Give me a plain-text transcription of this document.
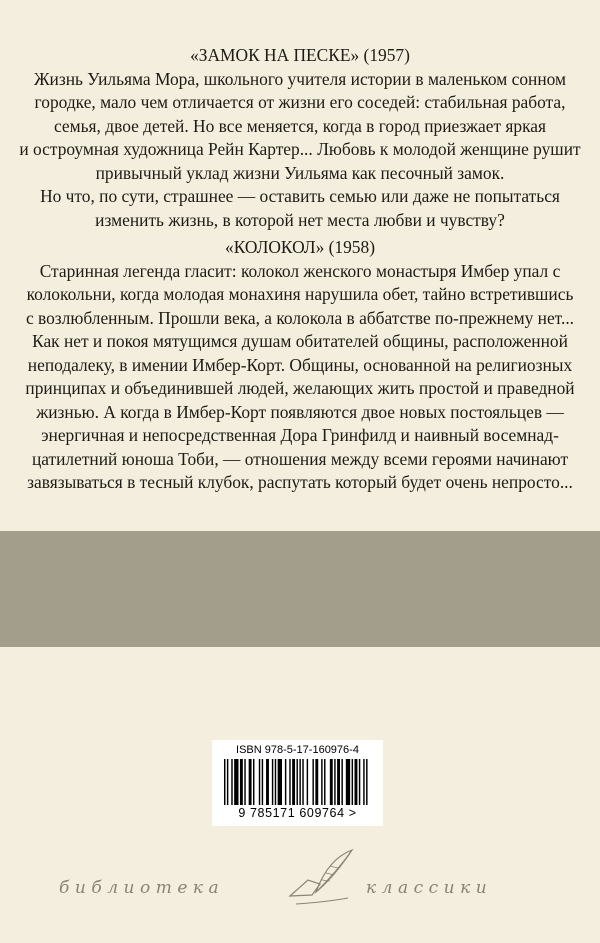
«ЗАМОК НА ПЕСКЕ» (1957)
Жизнь Уильяма Мора, школьного учителя истории в маленьком сонном
городке, мало чем отличается от жизни его соседей: стабильная работа,
семья, двое детей. Но все меняется, когда в город приезжает яркая
и остроумная художница Рейн Картер... Любовь к молодой женщине рушит
привычный уклад жизни Уильяма как песочный замок.
Но что, по сути, страшнее — оставить семью или даже не попытаться
изменить жизнь, в которой нет места любви и чувству?
«КОЛОКОЛ» (1958)
Старинная легенда гласит: колокол женского монастыря Имбер упал с
колокольни, когда молодая монахиня нарушила обет, тайно встретившись
с возлюбленным. Прошли века, а колокола в аббатстве по-прежнему нет...
Как нет и покоя мятущимся душам обитателей общины, расположенной
неподалеку, в имении Имбер-Корт. Общины, основанной на религиозных
принципах и объединившей людей, желающих жить простой и праведной
жизнью. А когда в Имбер-Корт появляются двое новых постояльцев —
энергичная и непосредственная Дора Гринфилд и наивный восемнад-
цатилетний юноша Тоби, — отношения между всеми героями начинают
завязываться в тесный клубок, распутать который будет очень непросто...
ISBN 978-5-17-160976-4
9 785171 609764 >
библиотека	классики
